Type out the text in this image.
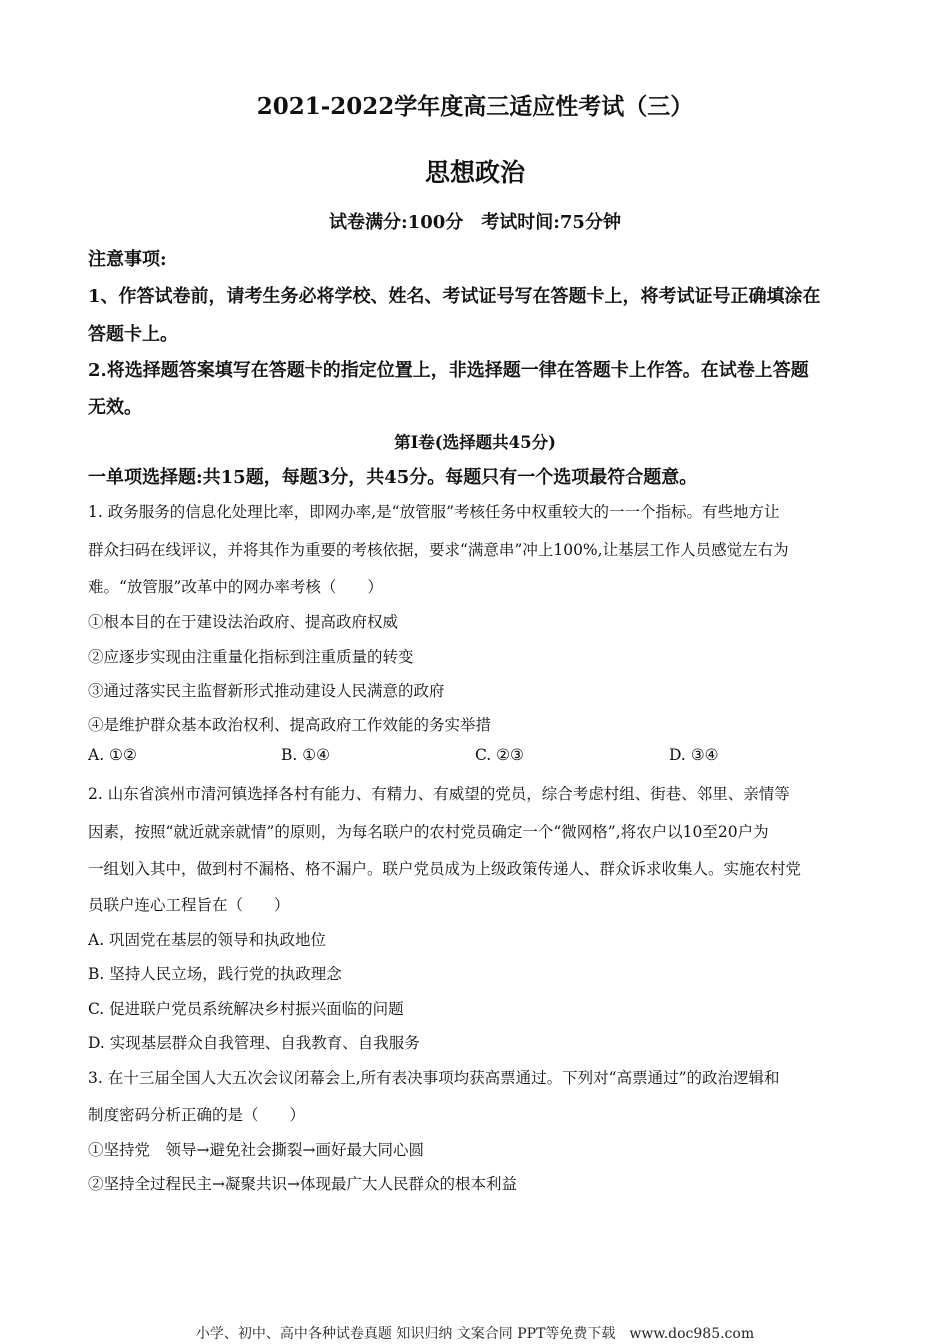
2021-2022学年度高三适应性考试（三）
思想政治
试卷满分:100分　考试时间:75分钟
注意事项:
1、作答试卷前，请考生务必将学校、姓名、考试证号写在答题卡上，将考试证号正确填涂在
答题卡上。
2.将选择题答案填写在答题卡的指定位置上，非选择题一律在答题卡上作答。在试卷上答题
无效。
第Ⅰ卷(选择题共45分)
一单项选择题:共15题，每题3分，共45分。每题只有一个选项最符合题意。
1. 政务服务的信息化处理比率，即网办率,是“放管服”考核任务中权重较大的一一个指标。有些地方让
群众扫码在线评议，并将其作为重要的考核依据，要求“满意串”冲上100%,让基层工作人员感觉左右为
难。“放管服”改革中的网办率考核（　　）
①根本目的在于建设法治政府、提高政府权威
②应逐步实现由注重量化指标到注重质量的转变
③通过落实民主监督新形式推动建设人民满意的政府
④是维护群众基本政治权利、提高政府工作效能的务实举措
A. ①②	B. ①④	C. ②③	D. ③④
2. 山东省滨州市清河镇选择各村有能力、有精力、有威望的党员，综合考虑村组、街巷、邻里、亲情等
因素，按照“就近就亲就情”的原则，为每名联户的农村党员确定一个“微网格”,将农户以10至20户为
一组划入其中，做到村不漏格、格不漏户。联户党员成为上级政策传递人、群众诉求收集人。实施农村党
员联户连心工程旨在（　　）
A. 巩固党在基层的领导和执政地位
B. 坚持人民立场，践行党的执政理念
C. 促进联户党员系统解决乡村振兴面临的问题
D. 实现基层群众自我管理、自我教育、自我服务
3. 在十三届全国人大五次会议闭幕会上,所有表决事项均获高票通过。下列对“高票通过”的政治逻辑和
制度密码分析正确的是（　　）
①坚持党　领导→避免社会撕裂→画好最大同心圆
②坚持全过程民主→凝聚共识→体现最广大人民群众的根本利益
小学、初中、高中各种试卷真题 知识归纳 文案合同 PPT等免费下载　www.doc985.com
